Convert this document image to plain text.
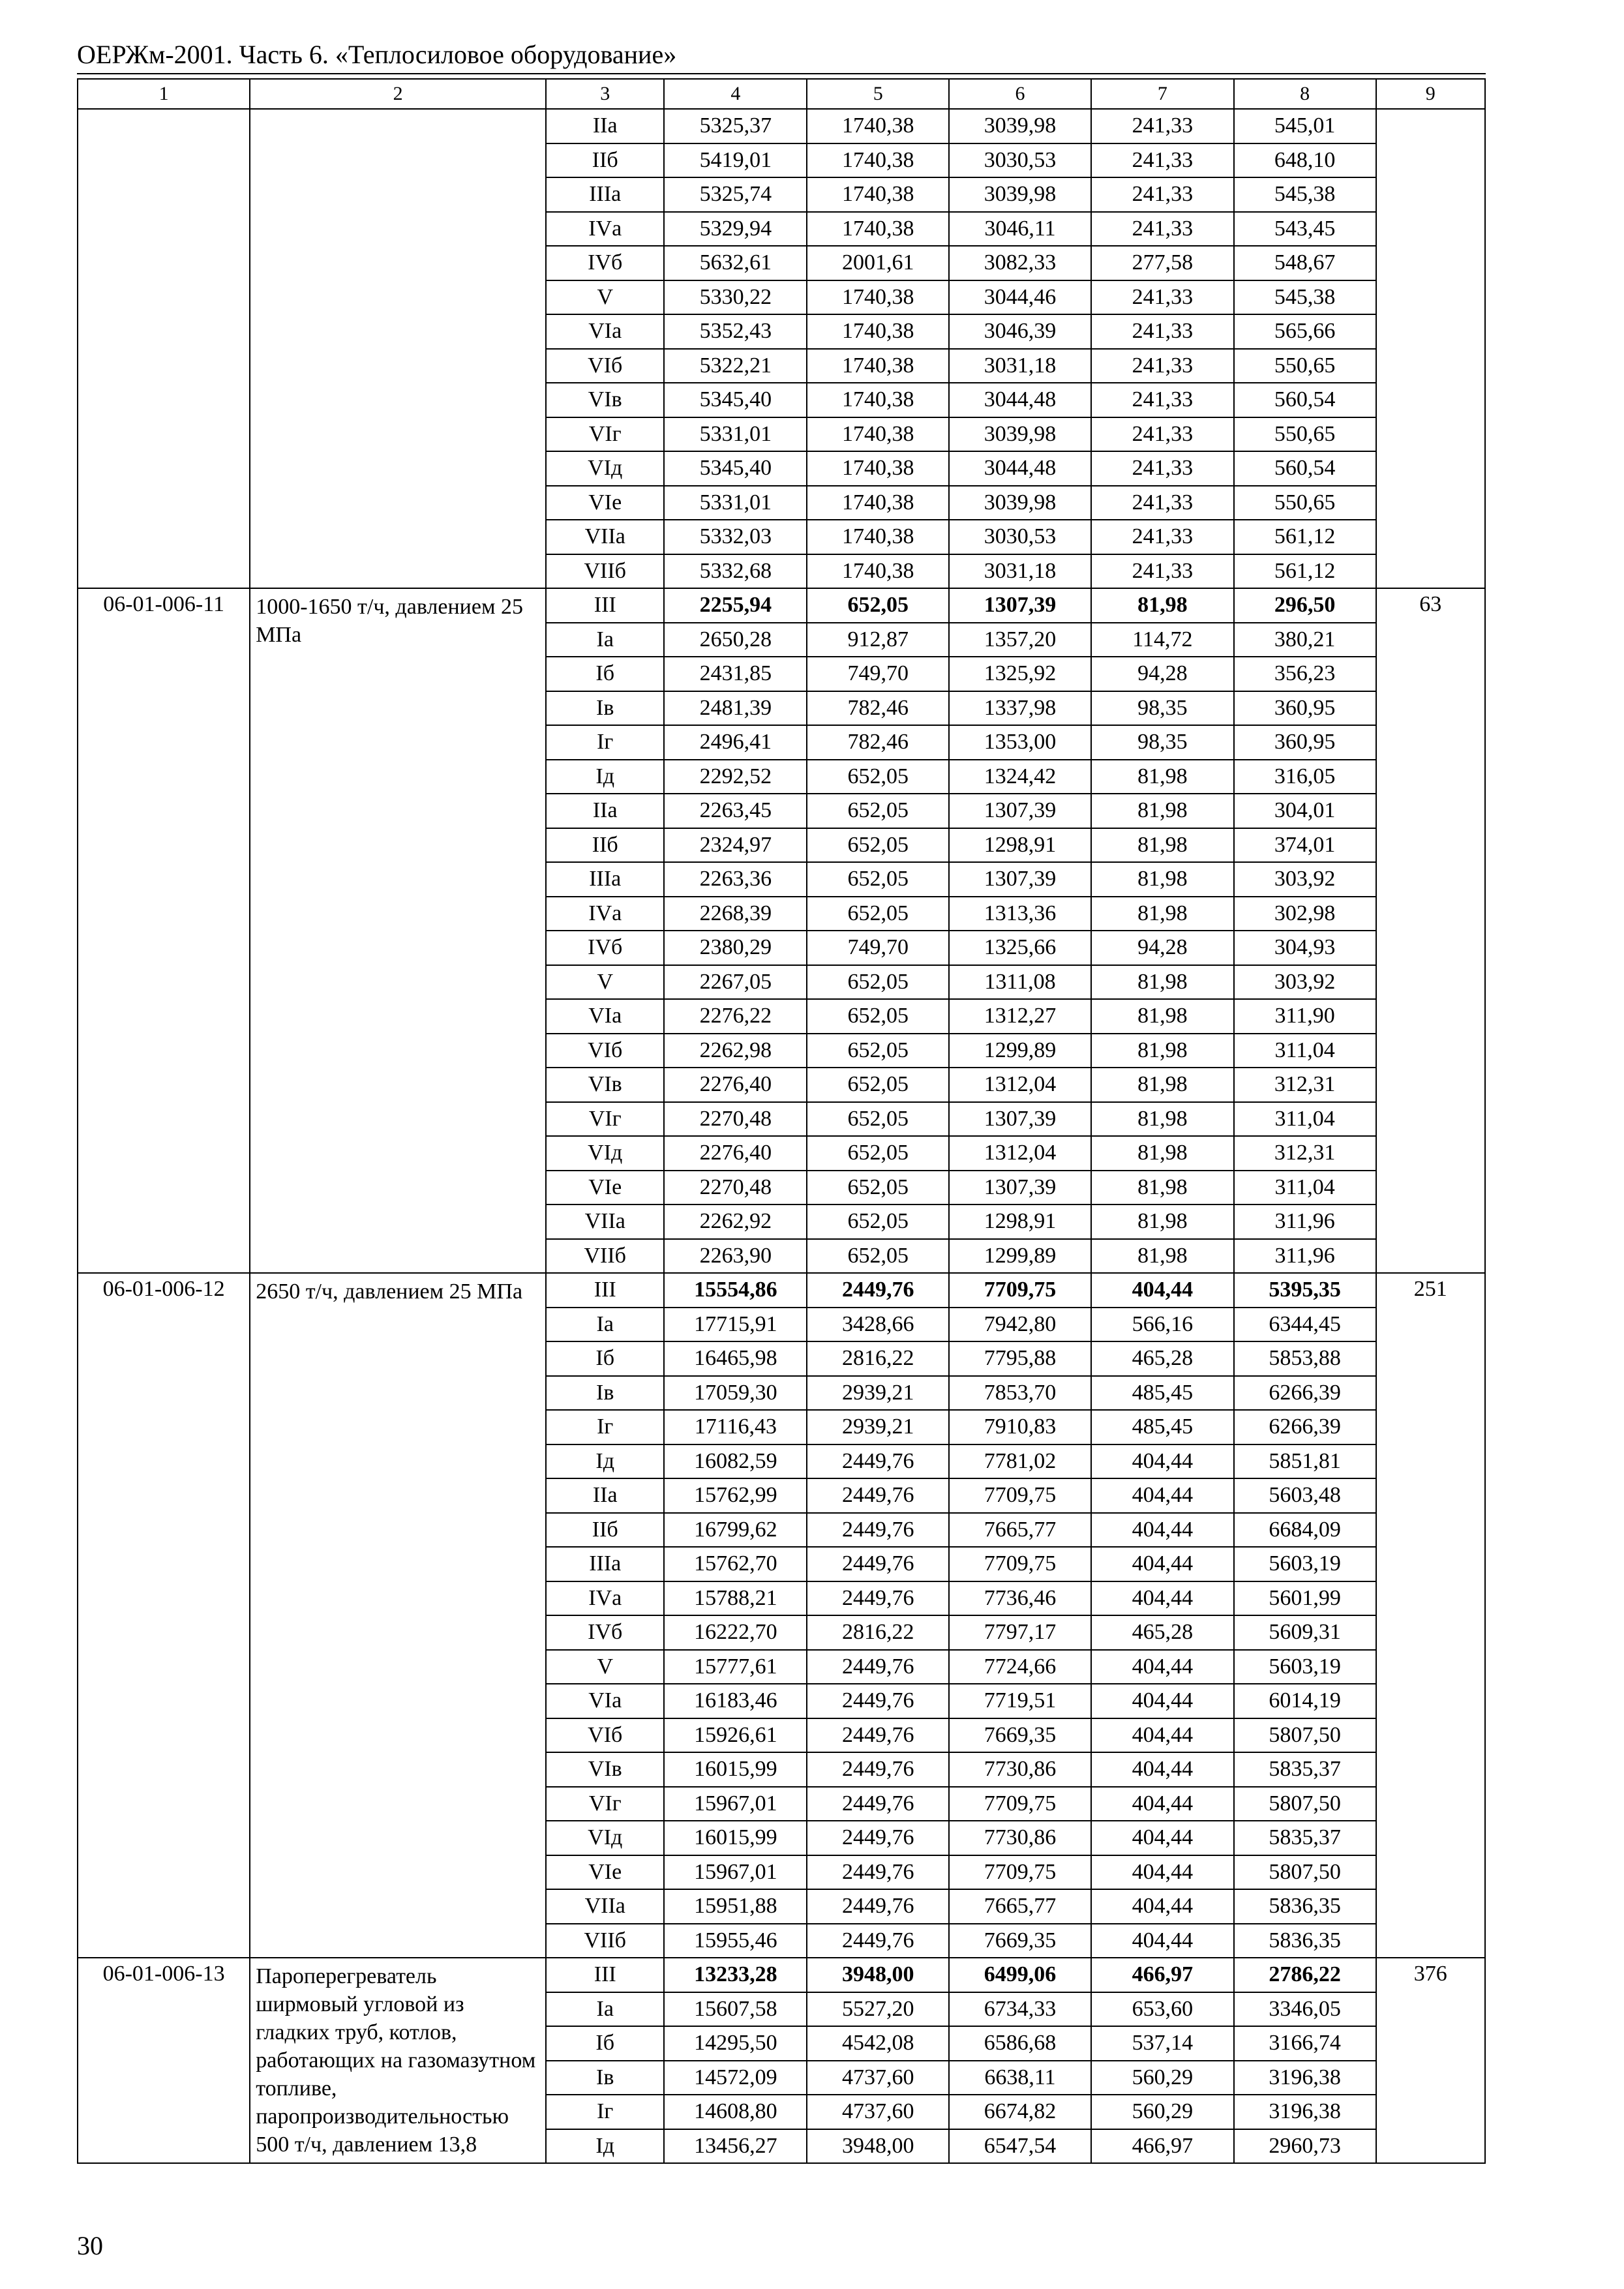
ОЕРЖм-2001. Часть 6. «Теплосиловое оборудование»
1	2	3	4	5	6	7	8	9
		IIа	5325,37	1740,38	3039,98	241,33	545,01	
		IIб	5419,01	1740,38	3030,53	241,33	648,10	
		IIIа	5325,74	1740,38	3039,98	241,33	545,38	
		IVа	5329,94	1740,38	3046,11	241,33	543,45	
		IVб	5632,61	2001,61	3082,33	277,58	548,67	
		V	5330,22	1740,38	3044,46	241,33	545,38	
		VIа	5352,43	1740,38	3046,39	241,33	565,66	
		VIб	5322,21	1740,38	3031,18	241,33	550,65	
		VIв	5345,40	1740,38	3044,48	241,33	560,54	
		VIг	5331,01	1740,38	3039,98	241,33	550,65	
		VIд	5345,40	1740,38	3044,48	241,33	560,54	
		VIе	5331,01	1740,38	3039,98	241,33	550,65	
		VIIа	5332,03	1740,38	3030,53	241,33	561,12	
		VIIб	5332,68	1740,38	3031,18	241,33	561,12	
06-01-006-11	1000-1650 т/ч, давлением 25 МПа	III	2255,94	652,05	1307,39	81,98	296,50	63
		Iа	2650,28	912,87	1357,20	114,72	380,21	
		Iб	2431,85	749,70	1325,92	94,28	356,23	
		Iв	2481,39	782,46	1337,98	98,35	360,95	
		Iг	2496,41	782,46	1353,00	98,35	360,95	
		Iд	2292,52	652,05	1324,42	81,98	316,05	
		IIа	2263,45	652,05	1307,39	81,98	304,01	
		IIб	2324,97	652,05	1298,91	81,98	374,01	
		IIIа	2263,36	652,05	1307,39	81,98	303,92	
		IVа	2268,39	652,05	1313,36	81,98	302,98	
		IVб	2380,29	749,70	1325,66	94,28	304,93	
		V	2267,05	652,05	1311,08	81,98	303,92	
		VIа	2276,22	652,05	1312,27	81,98	311,90	
		VIб	2262,98	652,05	1299,89	81,98	311,04	
		VIв	2276,40	652,05	1312,04	81,98	312,31	
		VIг	2270,48	652,05	1307,39	81,98	311,04	
		VIд	2276,40	652,05	1312,04	81,98	312,31	
		VIе	2270,48	652,05	1307,39	81,98	311,04	
		VIIа	2262,92	652,05	1298,91	81,98	311,96	
		VIIб	2263,90	652,05	1299,89	81,98	311,96	
06-01-006-12	2650 т/ч, давлением 25 МПа	III	15554,86	2449,76	7709,75	404,44	5395,35	251
		Iа	17715,91	3428,66	7942,80	566,16	6344,45	
		Iб	16465,98	2816,22	7795,88	465,28	5853,88	
		Iв	17059,30	2939,21	7853,70	485,45	6266,39	
		Iг	17116,43	2939,21	7910,83	485,45	6266,39	
		Iд	16082,59	2449,76	7781,02	404,44	5851,81	
		IIа	15762,99	2449,76	7709,75	404,44	5603,48	
		IIб	16799,62	2449,76	7665,77	404,44	6684,09	
		IIIа	15762,70	2449,76	7709,75	404,44	5603,19	
		IVа	15788,21	2449,76	7736,46	404,44	5601,99	
		IVб	16222,70	2816,22	7797,17	465,28	5609,31	
		V	15777,61	2449,76	7724,66	404,44	5603,19	
		VIа	16183,46	2449,76	7719,51	404,44	6014,19	
		VIб	15926,61	2449,76	7669,35	404,44	5807,50	
		VIв	16015,99	2449,76	7730,86	404,44	5835,37	
		VIг	15967,01	2449,76	7709,75	404,44	5807,50	
		VIд	16015,99	2449,76	7730,86	404,44	5835,37	
		VIе	15967,01	2449,76	7709,75	404,44	5807,50	
		VIIа	15951,88	2449,76	7665,77	404,44	5836,35	
		VIIб	15955,46	2449,76	7669,35	404,44	5836,35	
06-01-006-13	Пароперегреватель ширмовый угловой из гладких труб, котлов, работающих на газомазутном топливе, паропроизводительностью 500 т/ч, давлением 13,8	III	13233,28	3948,00	6499,06	466,97	2786,22	376
		Iа	15607,58	5527,20	6734,33	653,60	3346,05	
		Iб	14295,50	4542,08	6586,68	537,14	3166,74	
		Iв	14572,09	4737,60	6638,11	560,29	3196,38	
		Iг	14608,80	4737,60	6674,82	560,29	3196,38	
		Iд	13456,27	3948,00	6547,54	466,97	2960,73	
30
